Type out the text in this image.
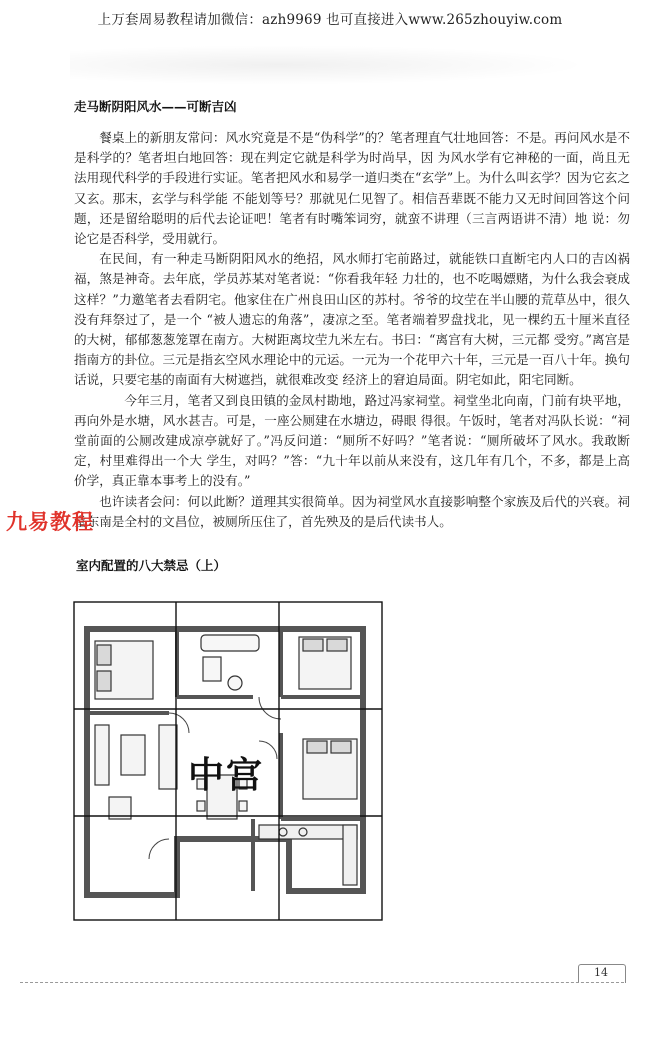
上万套周易教程请加微信：azh9969 也可直接进入www.265zhouyiw.com
走马断阴阳风水——可断吉凶

餐桌上的新朋友常问：风水究竟是不是“伪科学”的？笔者理直气壮地回答：不是。再问风水是不是科学的？笔者坦白地回答：现在判定它就是科学为时尚早，因 为风水学有它神秘的一面，尚且无法用现代科学的手段进行实证。笔者把风水和易学一道归类在“玄学”上。为什么叫玄学？因为它玄之又玄。那末，玄学与科学能 不能划等号？那就见仁见智了。相信吾辈既不能力又无时间回答这个问题，还是留给聪明的后代去论证吧！笔者有时嘴笨词穷，就蛮不讲理（三言两语讲不清）地 说：勿论它是否科学，受用就行。

在民间，有一种走马断阴阳风水的绝招，风水师打宅前路过，就能铁口直断宅内人口的吉凶祸福，煞是神奇。去年底，学员苏某对笔者说：“你看我年轻 力壮的，也不吃喝嫖赌，为什么我会衰成这样？”力邀笔者去看阴宅。他家住在广州良田山区的苏村。爷爷的坟茔在半山腰的荒草丛中，很久没有拜祭过了，是一个 “被人遗忘的角落”，凄凉之至。笔者端着罗盘找北，见一棵约五十厘米直径的大树，郁郁葱葱笼罩在南方。大树距离坟茔九米左右。书曰：“离宫有大树，三元都 受穷。”离宫是指南方的卦位。三元是指玄空风水理论中的元运。一元为一个花甲六十年，三元是一百八十年。换句话说，只要宅基的南面有大树遮挡，就很难改变 经济上的窘迫局面。阴宅如此，阳宅同断。

今年三月，笔者又到良田镇的金凤村勘地，路过冯家祠堂。祠堂坐北向南，门前有块平地，再向外是水塘，风水甚吉。可是，一座公厕建在水塘边，碍眼 得很。午饭时，笔者对冯队长说：“祠堂前面的公厕改建成凉亭就好了。”冯反问道：“厕所不好吗？”笔者说：“厕所破坏了风水。我敢断定，村里难得出一个大 学生，对吗？”答：“九十年以前从来没有，这几年有几个，不多，都是上高价学，真正靠本事考上的没有。”

也许读者会问：何以此断？道理其实很简单。因为祠堂风水直接影响整个家族及后代的兴衰。祠堂东南是全村的文昌位，被厕所压住了，首先殃及的是后代读书人。

九易教程
室内配置的八大禁忌（上）
中宫
14
